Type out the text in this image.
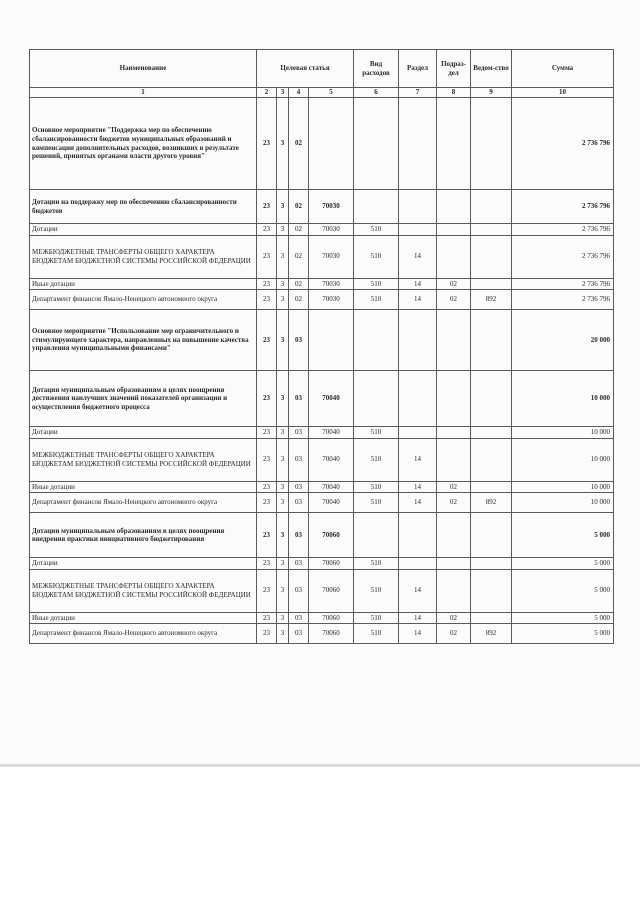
Наименование	Целевая статья				Вид расходов	Раздел	Подраз-дел	Ведом-ство	Сумма
1	2	3	4	5	6	7	8	9	10
Основное мероприятие "Поддержка мер по обеспечению сбалансированности бюджетов муниципальных образований и компенсации дополнительных расходов, возникших в результате решений, принятых органами власти другого уровня"	23	3	02						2 736 796
Дотации на поддержку мер по обеспечению сбалансированности бюджетов	23	3	02	70030					2 736 796
Дотации	23	3	02	70030	510				2 736 796
МЕЖБЮДЖЕТНЫЕ ТРАНСФЕРТЫ ОБЩЕГО ХАРАКТЕРА БЮДЖЕТАМ БЮДЖЕТНОЙ СИСТЕМЫ РОССИЙСКОЙ ФЕДЕРАЦИИ	23	3	02	70030	510	14			2 736 796
Иные дотации	23	3	02	70030	510	14	02		2 736 796
Департамент финансов Ямало-Ненецкого автономного округа	23	3	02	70030	510	14	02	892	2 736 796
Основное мероприятие "Использование мер ограничительного и стимулирующего характера, направленных на повышение качества управления муниципальными финансами"	23	3	03						20 000
Дотации муниципальным образованиям в целях поощрения достижения наилучших значений показателей организации и осуществления бюджетного процесса	23	3	03	70040					10 000
Дотации	23	3	03	70040	510				10 000
МЕЖБЮДЖЕТНЫЕ ТРАНСФЕРТЫ ОБЩЕГО ХАРАКТЕРА БЮДЖЕТАМ БЮДЖЕТНОЙ СИСТЕМЫ РОССИЙСКОЙ ФЕДЕРАЦИИ	23	3	03	70040	510	14			10 000
Иные дотации	23	3	03	70040	510	14	02		10 000
Департамент финансов Ямало-Ненецкого автономного округа	23	3	03	70040	510	14	02	892	10 000
Дотации муниципальным образованиям в целях поощрения внедрения практики инициативного бюджетирования	23	3	03	70060					5 000
Дотации	23	3	03	70060	510				5 000
МЕЖБЮДЖЕТНЫЕ ТРАНСФЕРТЫ ОБЩЕГО ХАРАКТЕРА БЮДЖЕТАМ БЮДЖЕТНОЙ СИСТЕМЫ РОССИЙСКОЙ ФЕДЕРАЦИИ	23	3	03	70060	510	14			5 000
Иные дотации	23	3	03	70060	510	14	02		5 000
Департамент финансов Ямало-Ненецкого автономного округа	23	3	03	70060	510	14	02	892	5 000
